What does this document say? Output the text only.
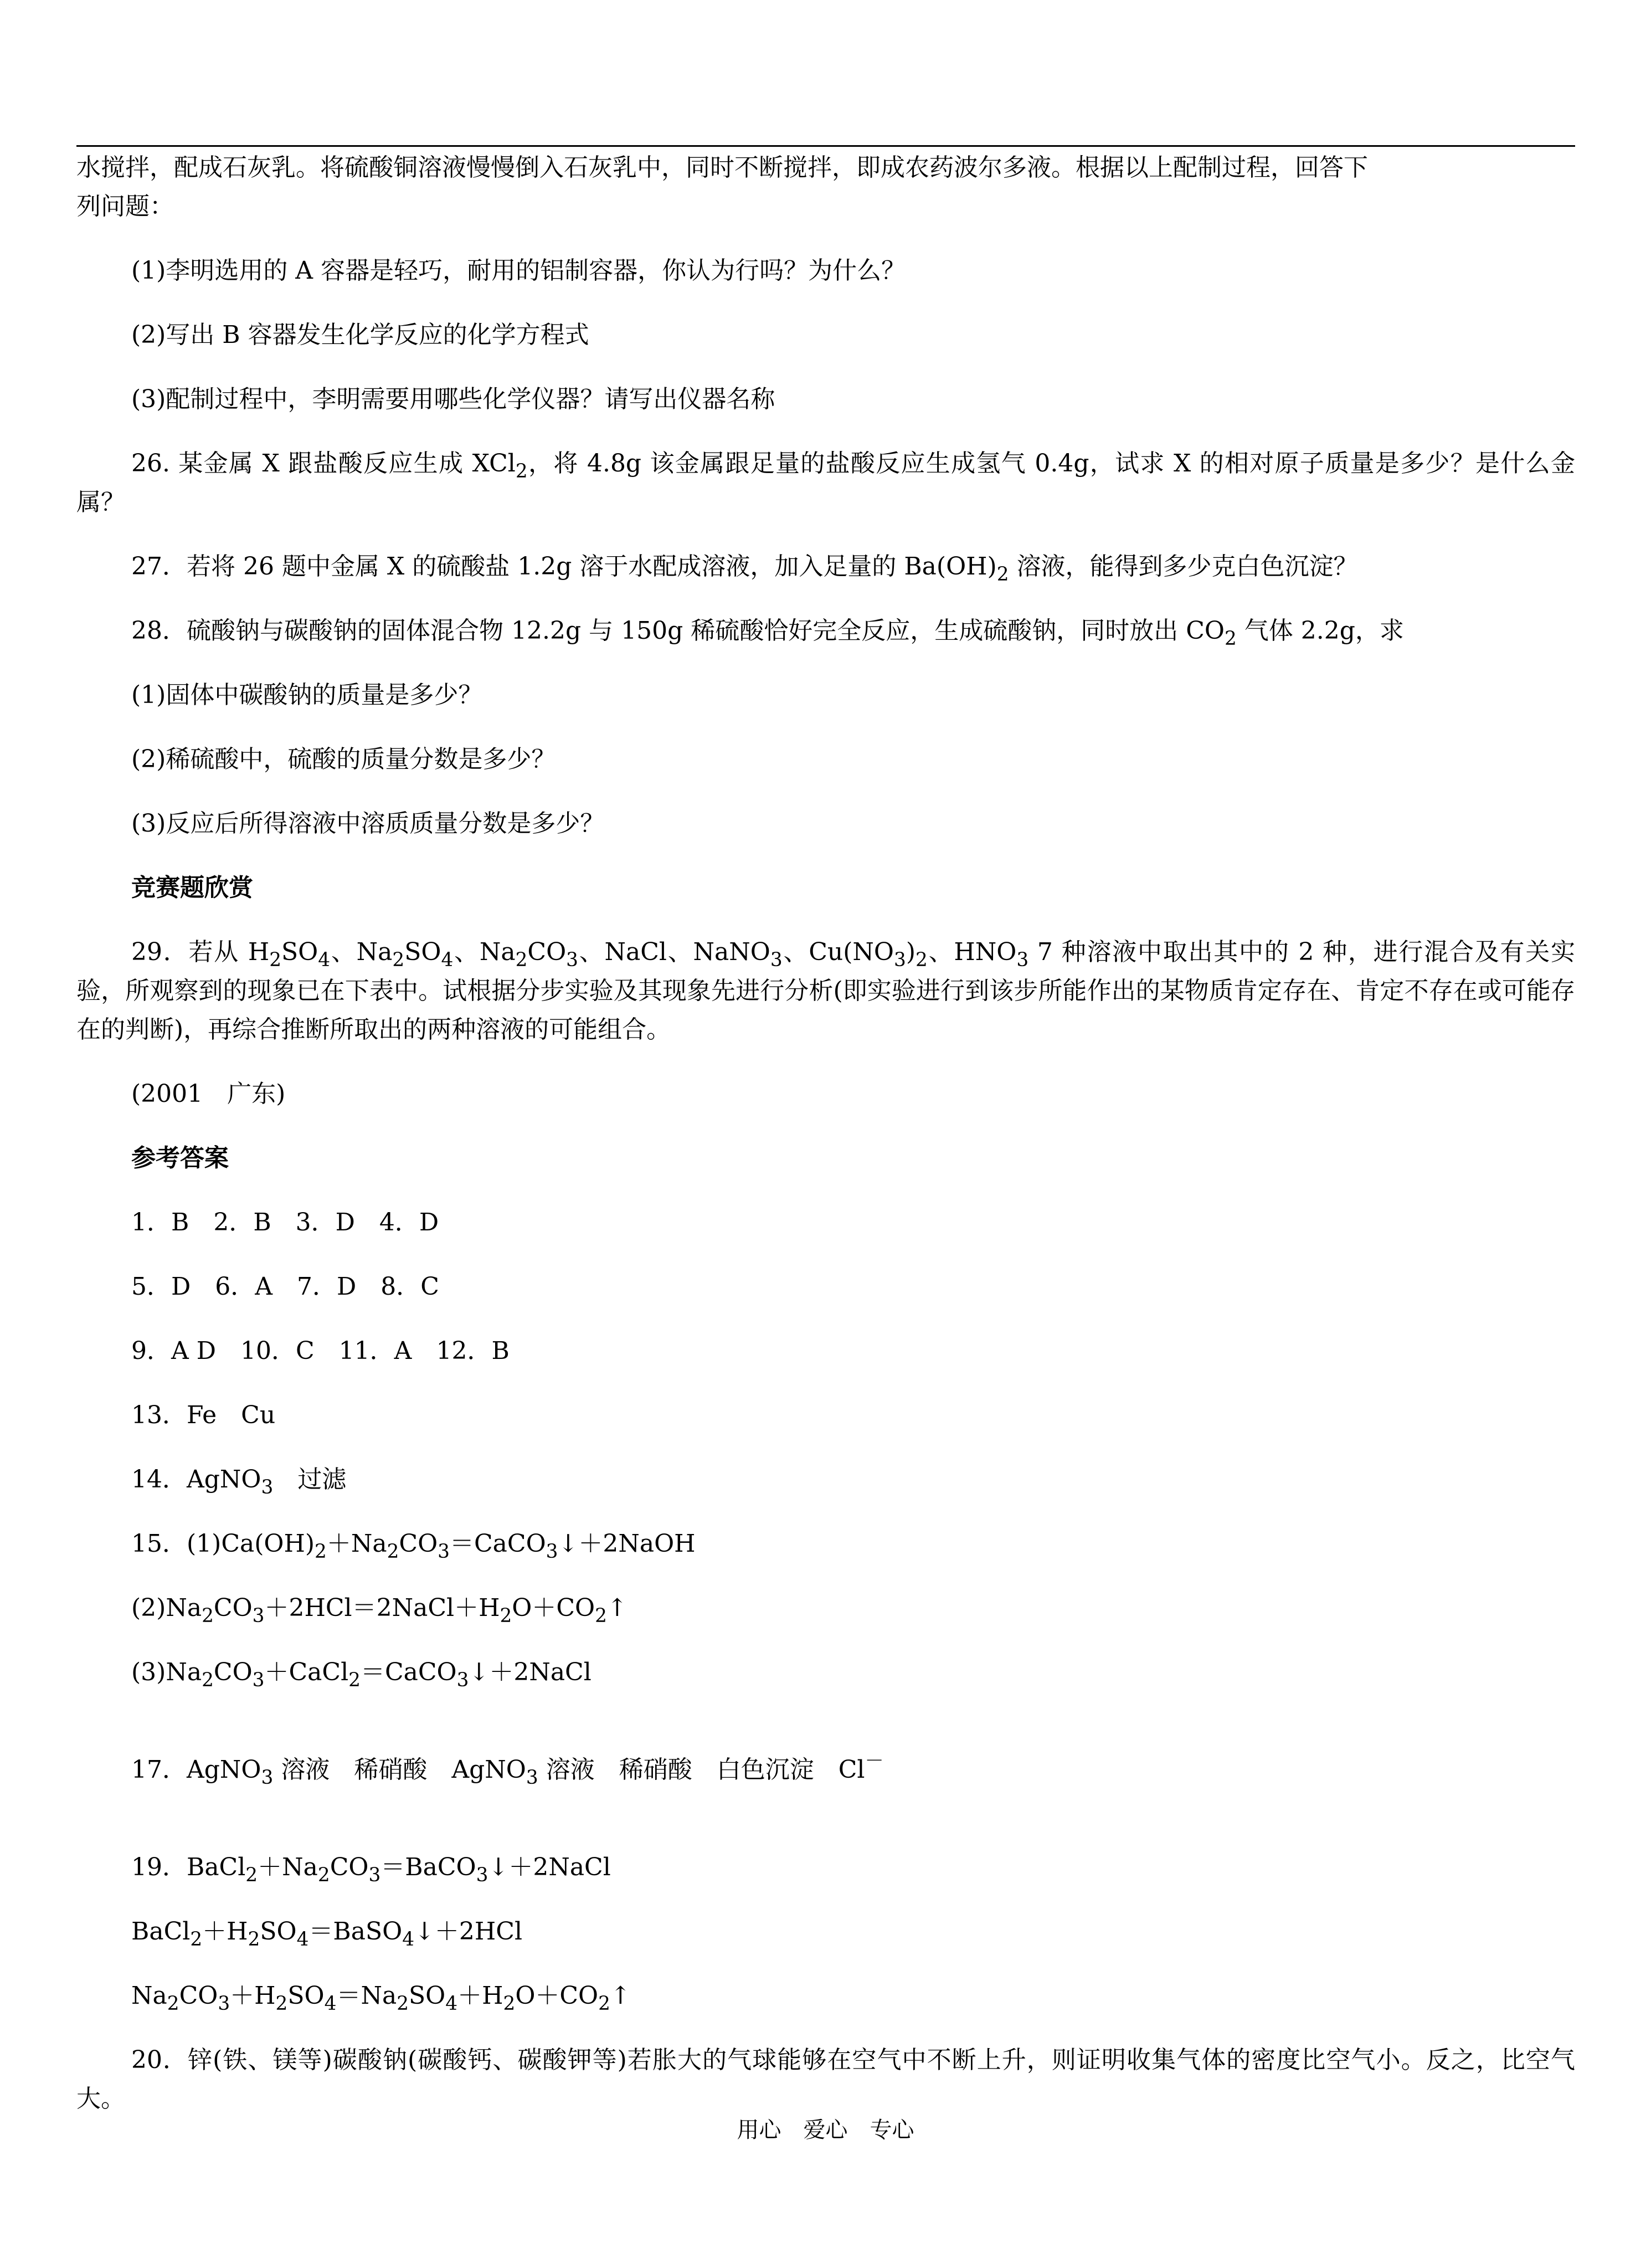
水搅拌，配成石灰乳。将硫酸铜溶液慢慢倒入石灰乳中，同时不断搅拌，即成农药波尔多液。根据以上配制过程，回答下
列问题：
(1)李明选用的 A 容器是轻巧，耐用的铝制容器，你认为行吗？为什么？
(2)写出 B 容器发生化学反应的化学方程式
(3)配制过程中，李明需要用哪些化学仪器？请写出仪器名称

26. 某金属 X 跟盐酸反应生成 XCl$_2$，将 4.8g 该金属跟足量的盐酸反应生成氢气 0.4g，试求 X 的相对原子质量是多少？是什么金属？

27．若将 26 题中金属 X 的硫酸盐 1.2g 溶于水配成溶液，加入足量的 $Ba(OH)_2$ 溶液，能得到多少克白色沉淀？
28．硫酸钠与碳酸钠的固体混合物 12.2g 与 150g 稀硫酸恰好完全反应，生成硫酸钠，同时放出 $CO_2$ 气体 2.2g，求
(1)固体中碳酸钠的质量是多少？
(2)稀硫酸中，硫酸的质量分数是多少？
(3)反应后所得溶液中溶质质量分数是多少？
竞赛题欣赏

29．若从 $H_2SO_4$、$Na_2SO_4$、$Na_2CO_3$、NaCl、NaNO$_3$、$Cu(NO_3)_2$、$HNO_3$ 7 种溶液中取出其中的 2 种，进行混合及有关实验，所观察到的现象已在下表中。试根据分步实验及其现象先进行分析(即实验进行到该步所能作出的某物质肯定存在、肯定不存在或可能存在的判断)，再综合推断所取出的两种溶液的可能组合。

(2001　广东)
参考答案
1．B　2．B　3．D　4．D
5．D　6．A　7．D　8．C
9．A D　10．C　11．A　12．B
13．Fe　Cu
14．AgNO$_3$　过滤
15．$(1)Ca(OH)_2+Na_2CO_3=CaCO_3↓+2NaOH$
$(2)Na_2CO_3+2HCl=2NaCl+H_2O+CO_2↑$
$(3)Na_2CO_3+CaCl_2=CaCO_3↓+2NaCl$
17．AgNO$_3$ 溶液　稀硝酸　AgNO$_3$ 溶液　稀硝酸　白色沉淀　Cl－
19．$BaCl_2+Na_2CO_3=BaCO_3↓+2NaCl$
$BaCl_2+H_2SO_4=BaSO_4↓+2HCl$
$Na_2CO_3+H_2SO_4=Na_2SO_4+H_2O+CO_2↑$

20．锌(铁、镁等)碳酸钠(碳酸钙、碳酸钾等)若胀大的气球能够在空气中不断上升，则证明收集气体的密度比空气小。反之，比空气大。

用心　爱心　专心
